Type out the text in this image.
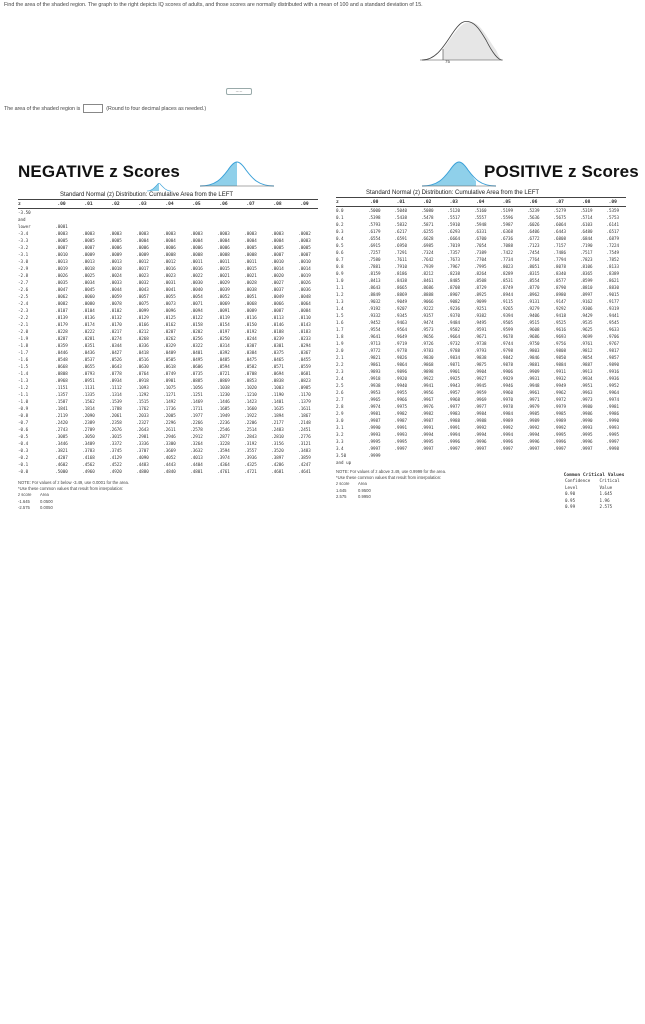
Find the area of the shaded region. The graph to the right depicts IQ scores of adults, and those scores are normally distributed with a mean of 100 and a standard deviation of 15.
75
.....
The area of the shaded region is	(Round to four decimal places as needed.)
NEGATIVE z Scores	POSITIVE z Scores
Standard Normal (z) Distribution: Cumulative Area from the LEFT
z	.00	.01	.02	.03	.04	.05	.06	.07	.08	.09
-3.50
and
lower	.0001
-3.4	.0003	.0003	.0003	.0003	.0003	.0003	.0003	.0003	.0003	.0002
-3.3	.0005	.0005	.0005	.0004	.0004	.0004	.0004	.0004	.0004	.0003
-3.2	.0007	.0007	.0006	.0006	.0006	.0006	.0006	.0005	.0005	.0005
-3.1	.0010	.0009	.0009	.0009	.0008	.0008	.0008	.0008	.0007	.0007
-3.0	.0013	.0013	.0013	.0012	.0012	.0011	.0011	.0011	.0010	.0010
-2.9	.0019	.0018	.0018	.0017	.0016	.0016	.0015	.0015	.0014	.0014
-2.8	.0026	.0025	.0024	.0023	.0023	.0022	.0021	.0021	.0020	.0019
-2.7	.0035	.0034	.0033	.0032	.0031	.0030	.0029	.0028	.0027	.0026
-2.6	.0047	.0045	.0044	.0043	.0041	.0040	.0039	.0038	.0037	.0036
-2.5	.0062	.0060	.0059	.0057	.0055	.0054	.0052	.0051	.0049	.0048
-2.4	.0082	.0080	.0078	.0075	.0073	.0071	.0069	.0068	.0066	.0064
-2.3	.0107	.0104	.0102	.0099	.0096	.0094	.0091	.0089	.0087	.0084
-2.2	.0139	.0136	.0132	.0129	.0125	.0122	.0119	.0116	.0113	.0110
-2.1	.0179	.0174	.0170	.0166	.0162	.0158	.0154	.0150	.0146	.0143
-2.0	.0228	.0222	.0217	.0212	.0207	.0202	.0197	.0192	.0188	.0183
-1.9	.0287	.0281	.0274	.0268	.0262	.0256	.0250	.0244	.0239	.0233
-1.8	.0359	.0351	.0344	.0336	.0329	.0322	.0314	.0307	.0301	.0294
-1.7	.0446	.0436	.0427	.0418	.0409	.0401	.0392	.0384	.0375	.0367
-1.6	.0548	.0537	.0526	.0516	.0505	.0495	.0485	.0475	.0465	.0455
-1.5	.0668	.0655	.0643	.0630	.0618	.0606	.0594	.0582	.0571	.0559
-1.4	.0808	.0793	.0778	.0764	.0749	.0735	.0721	.0708	.0694	.0681
-1.3	.0968	.0951	.0934	.0918	.0901	.0885	.0869	.0853	.0838	.0823
-1.2	.1151	.1131	.1112	.1093	.1075	.1056	.1038	.1020	.1003	.0985
-1.1	.1357	.1335	.1314	.1292	.1271	.1251	.1230	.1210	.1190	.1170
-1.0	.1587	.1562	.1539	.1515	.1492	.1469	.1446	.1423	.1401	.1379
-0.9	.1841	.1814	.1788	.1762	.1736	.1711	.1685	.1660	.1635	.1611
-0.8	.2119	.2090	.2061	.2033	.2005	.1977	.1949	.1922	.1894	.1867
-0.7	.2420	.2389	.2358	.2327	.2296	.2266	.2236	.2206	.2177	.2148
-0.6	.2743	.2709	.2676	.2643	.2611	.2578	.2546	.2514	.2483	.2451
-0.5	.3085	.3050	.3015	.2981	.2946	.2912	.2877	.2843	.2810	.2776
-0.4	.3446	.3409	.3372	.3336	.3300	.3264	.3228	.3192	.3156	.3121
-0.3	.3821	.3783	.3745	.3707	.3669	.3632	.3594	.3557	.3520	.3483
-0.2	.4207	.4168	.4129	.4090	.4052	.4013	.3974	.3936	.3897	.3859
-0.1	.4602	.4562	.4522	.4483	.4443	.4404	.4364	.4325	.4286	.4247
-0.0	.5000	.4960	.4920	.4880	.4840	.4801	.4761	.4721	.4681	.4641
NOTE: For values of z below -3.49, use 0.0001 for the area.
*Use these common values that result from interpolation:
z score	Area
-1.645	0.0500
-2.575	0.0050
Standard Normal (z) Distribution: Cumulative Area from the LEFT
z	.00	.01	.02	.03	.04	.05	.06	.07	.08	.09
0.0	.5000	.5040	.5080	.5120	.5160	.5199	.5239	.5279	.5319	.5359
0.1	.5398	.5438	.5478	.5517	.5557	.5596	.5636	.5675	.5714	.5753
0.2	.5793	.5832	.5871	.5910	.5948	.5987	.6026	.6064	.6103	.6141
0.3	.6179	.6217	.6255	.6293	.6331	.6368	.6406	.6443	.6480	.6517
0.4	.6554	.6591	.6628	.6664	.6700	.6736	.6772	.6808	.6844	.6879
0.5	.6915	.6950	.6985	.7019	.7054	.7088	.7123	.7157	.7190	.7224
0.6	.7257	.7291	.7324	.7357	.7389	.7422	.7454	.7486	.7517	.7549
0.7	.7580	.7611	.7642	.7673	.7704	.7734	.7764	.7794	.7823	.7852
0.8	.7881	.7910	.7939	.7967	.7995	.8023	.8051	.8078	.8106	.8133
0.9	.8159	.8186	.8212	.8238	.8264	.8289	.8315	.8340	.8365	.8389
1.0	.8413	.8438	.8461	.8485	.8508	.8531	.8554	.8577	.8599	.8621
1.1	.8643	.8665	.8686	.8708	.8729	.8749	.8770	.8790	.8810	.8830
1.2	.8849	.8869	.8888	.8907	.8925	.8944	.8962	.8980	.8997	.9015
1.3	.9032	.9049	.9066	.9082	.9099	.9115	.9131	.9147	.9162	.9177
1.4	.9192	.9207	.9222	.9236	.9251	.9265	.9279	.9292	.9306	.9319
1.5	.9332	.9345	.9357	.9370	.9382	.9394	.9406	.9418	.9429	.9441
1.6	.9452	.9463	.9474	.9484	.9495	.9505	.9515	.9525	.9535	.9545
1.7	.9554	.9564	.9573	.9582	.9591	.9599	.9608	.9616	.9625	.9633
1.8	.9641	.9649	.9656	.9664	.9671	.9678	.9686	.9693	.9699	.9706
1.9	.9713	.9719	.9726	.9732	.9738	.9744	.9750	.9756	.9761	.9767
2.0	.9772	.9778	.9783	.9788	.9793	.9798	.9803	.9808	.9812	.9817
2.1	.9821	.9826	.9830	.9834	.9838	.9842	.9846	.9850	.9854	.9857
2.2	.9861	.9864	.9868	.9871	.9875	.9878	.9881	.9884	.9887	.9890
2.3	.9893	.9896	.9898	.9901	.9904	.9906	.9909	.9911	.9913	.9916
2.4	.9918	.9920	.9922	.9925	.9927	.9929	.9931	.9932	.9934	.9936
2.5	.9938	.9940	.9941	.9943	.9945	.9946	.9948	.9949	.9951	.9952
2.6	.9953	.9955	.9956	.9957	.9959	.9960	.9961	.9962	.9963	.9964
2.7	.9965	.9966	.9967	.9968	.9969	.9970	.9971	.9972	.9973	.9974
2.8	.9974	.9975	.9976	.9977	.9977	.9978	.9979	.9979	.9980	.9981
2.9	.9981	.9982	.9982	.9983	.9984	.9984	.9985	.9985	.9986	.9986
3.0	.9987	.9987	.9987	.9988	.9988	.9989	.9989	.9989	.9990	.9990
3.1	.9990	.9991	.9991	.9991	.9992	.9992	.9992	.9992	.9993	.9993
3.2	.9993	.9993	.9994	.9994	.9994	.9994	.9994	.9995	.9995	.9995
3.3	.9995	.9995	.9995	.9996	.9996	.9996	.9996	.9996	.9996	.9997
3.4	.9997	.9997	.9997	.9997	.9997	.9997	.9997	.9997	.9997	.9998
3.50	.9999
and up
NOTE: For values of z above 3.49, use 0.9999 for the area.
*Use these common values that result from interpolation:
z score	Area
1.645	0.9500
2.575	0.9950
Common Critical Values
Confidence Level	Critical Value
0.90	1.645
0.95	1.96
0.99	2.575
